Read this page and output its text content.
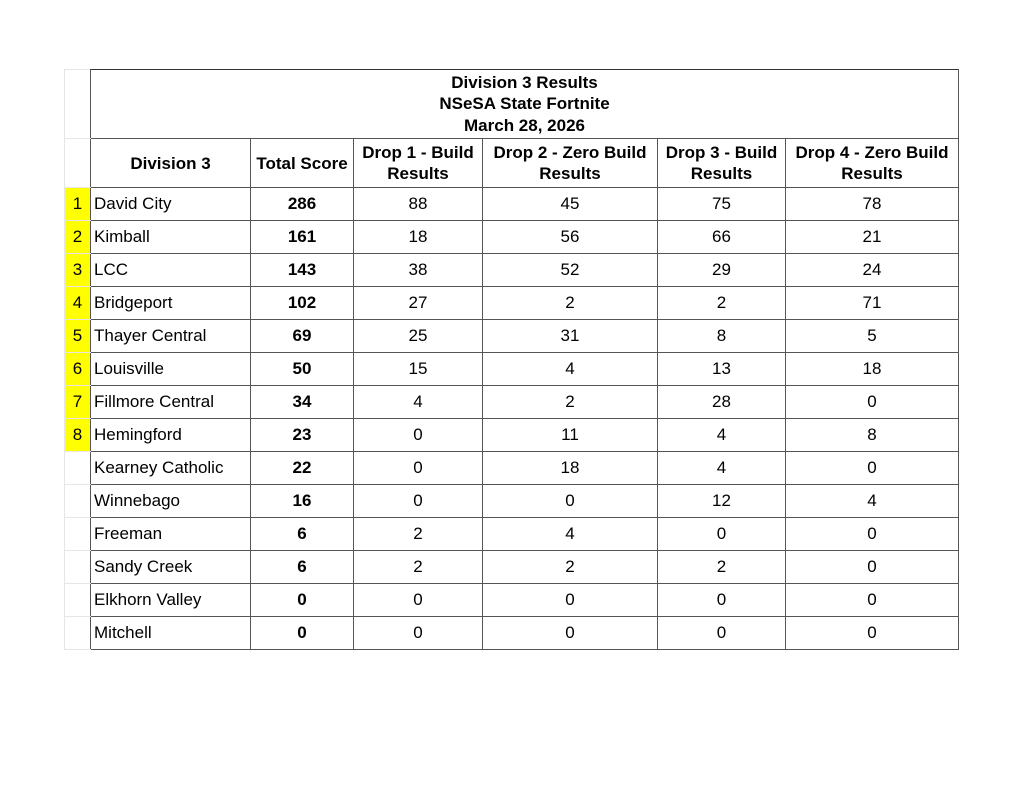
	Division 3 Results
NSeSA State Fortnite
March 28, 2026					

	Division 3	Total Score	Drop 1 - Build Results	Drop 2 - Zero Build Results	Drop 3 - Build Results	Drop 4 - Zero Build Results
1	David City	286	88	45	75	78
2	Kimball	161	18	56	66	21
3	LCC	143	38	52	29	24
4	Bridgeport	102	27	2	2	71
5	Thayer Central	69	25	31	8	5
6	Louisville	50	15	4	13	18
7	Fillmore Central	34	4	2	28	0
8	Hemingford	23	0	11	4	8
	Kearney Catholic	22	0	18	4	0
	Winnebago	16	0	0	12	4
	Freeman	6	2	4	0	0
	Sandy Creek	6	2	2	2	0
	Elkhorn Valley	0	0	0	0	0
	Mitchell	0	0	0	0	0
